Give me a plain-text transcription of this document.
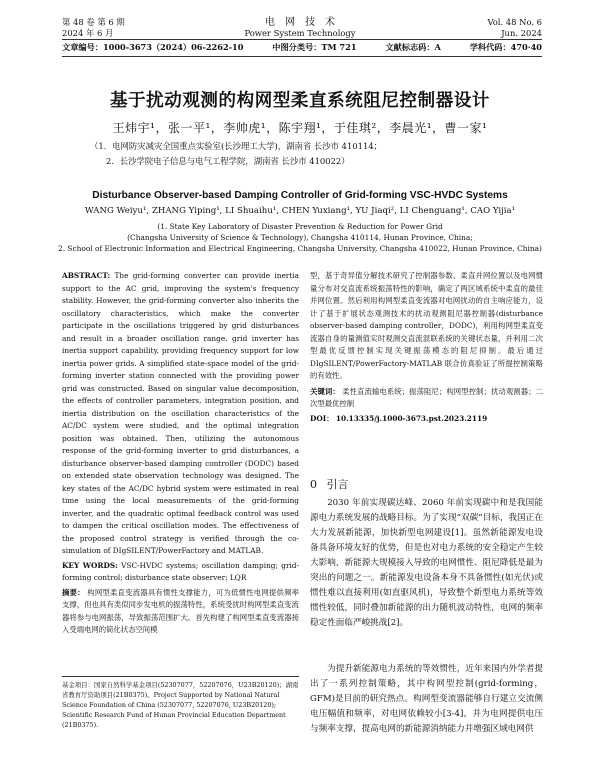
第 48 卷 第 6 期
2024 年 6 月
电　网　技　术
Power System Technology
Vol. 48 No. 6
Jun. 2024
文章编号：1000-3673（2024）06-2262-10	中图分类号：TM 721	文献标志码：A	学科代码：470·40
基于扰动观测的构网型柔直系统阻尼控制器设计
王炜宇¹，张一平¹，李帅虎¹，陈宇翔¹，于佳琪²，李晨光¹，曹一家¹
（1．电网防灾减灾全国重点实验室(长沙理工大学)，湖南省 长沙市 410114；
2．长沙学院电子信息与电气工程学院，湖南省 长沙市 410022）
Disturbance Observer-based Damping Controller of Grid-forming VSC-HVDC Systems
WANG Weiyu¹, ZHANG Yiping¹, LI Shuaihu¹, CHEN Yuxiang¹, YU Jiaqi², LI Chenguang¹, CAO Yijia¹
(1. State Key Laboratory of Disaster Prevention & Reduction for Power Grid
(Changsha University of Science & Technology), Changsha 410114, Hunan Province, China;
2. School of Electronic Information and Electrical Engineering, Changsha University, Changsha 410022, Hunan Province, China)
ABSTRACT: The grid-forming converter can provide inertia support to the AC grid, improving the system's frequency stability. However, the grid-forming converter also inherits the oscillatory characteristics, which make the converter participate in the oscillations triggered by grid disturbances and result in a broader oscillation range. grid inverter has inertia support capability, providing frequency support for low inertia power grids. A simplified state-space model of the grid-forming inverter station connected with the providing power grid was constructed. Based on singular value decomposition, the effects of controller parameters, integration position, and inertia distribution on the oscillation characteristics of the AC/DC system were studied, and the optimal integration position was obtained. Then, utilizing the autonomous response of the grid-forming inverter to grid disturbances, a disturbance observer-based damping controller (DODC) based on extended state observation technology was designed. The key states of the AC/DC hybrid system were estimated in real time using the local measurements of the grid-forming inverter, and the quadratic optimal feedback control was used to dampen the critical oscillation modes. The effectiveness of the proposed control strategy is verified through the co-simulation of DIgSILENT/PowerFactory and MATLAB.
KEY WORDS: VSC-HVDC systems; oscillation damping; grid-forming control; disturbance state observer; LQR
摘要： 构网型柔直变流器具有惯性支撑能力，可为低惯性电网提供频率支撑，但也具有类似同步发电机的振荡特性，系统受扰时构网型柔直变流器将参与电网振荡，导致振荡范围扩大。首先构建了构网型柔直变流器接入受端电网的简化状态空间模
型，基于奇异值分解技术研究了控制器参数、柔直并网位置以及电网惯量分布对交直流系统振荡特性的影响，确定了两区域系统中柔直的最佳并网位置。然后利用构网型柔直变流器对电网扰动的自主响应能力，设计了基于扩展状态观测技术的扰动观测阻尼器控制器(disturbance observer-based damping controller，DODC)，利用构网型柔直变流器自身的量测值实时观测交直流混联系统的关键状态量，并利用二次型最优反馈控制实现关键振荡模态的阻尼抑制。最后通过 DIgSILENT/PowerFactory-MATLAB 联合仿真验证了所提控制策略的有效性。
关键词： 柔性直流输电系统；振荡阻尼；构网型控制；扰动观测器；二次型最优控制
DOI： 10.13335/j.1000-3673.pst.2023.2119
0 引言
2030 年前实现碳达峰、2060 年前实现碳中和是我国能源电力系统发展的战略目标。为了实现“双碳”目标，我国正在大力发展新能源，加快新型电网建设[1]。虽然新能源发电设备具备环境友好的优势，但是也对电力系统的安全稳定产生较大影响，新能源大规模接入导致的电网惯性、阻尼降低是最为突出的问题之一。新能源发电设备本身不具备惯性(如光伏)或惯性难以直接利用(如直驱风机)，导致整个新型电力系统等效惯性较低，同时叠加新能源的出力随机波动特性，电网的频率稳定性面临严峻挑战[2]。
为提升新能源电力系统的等效惯性，近年来国内外学者提出了一系列控制策略，其中构网型控制(grid-forming，GFM)是目前的研究热点。构网型变流器能够自行建立交流侧电压幅值和频率，对电网依赖较小[3-4]，并为电网提供电压与频率支撑，提高电网的新能源消纳能力并增强区域电网供
基金项目：国家自然科学基金项目(52307077，52207076，U23B20120)；湖南省教育厅资助项目(21B0375)。Project Supported by National Natural Science Foundation of China (52307077, 52207076, U23B20120); Scientific Research Fund of Hunan Provincial Education Department (21B0375).
